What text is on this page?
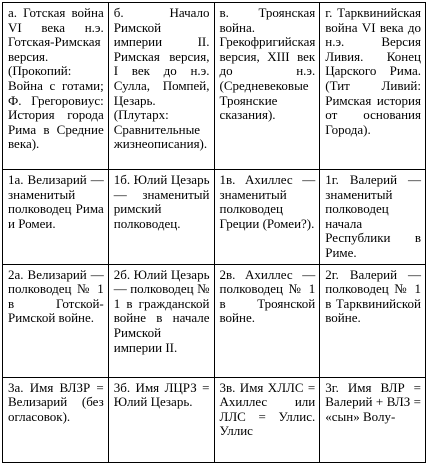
а. Готская война VI века н.э. Готская-Римская версия. (Прокопий: Война с готами; Ф. Грегоровиус: История города Рима в Средние века).	б. Начало Римской империи II. Римская версия, I век до н.э. Сулла, Помпей, Цезарь. (Плутарх: Сравнительные жизнеописания).	в. Троянская война. Грекофригийская версия, XIII век до н.э. (Средневековые Троянские сказания).	г. Тарквинийская война VI века до н.э. Версия Ливия. Конец Царского Рима. (Тит Ливий: Римская история от основания Города).

1а. Велизарий — знаменитый полководец Рима и Ромеи.	1б. Юлий Цезарь — знаменитый римский полководец.	1в. Ахиллес — знаменитый полководец Греции (Ромеи?).	1г. Валерий — знаменитый полководец начала Республики в Риме.

2а. Велизарий — полководец № 1 в Готской-Римской войне.	2б. Юлий Цезарь — полководец № 1 в гражданской войне в начале Римской империи II.	2в. Ахиллес — полководец № 1 в Троянской войне.	2г. Валерий — полководец № 1 в Тарквинийской войне.

3а. Имя ВЛЗР = Велизарий (без огласовок).	3б. Имя ЛЦРЗ = Юлий Цезарь.	3в. Имя ХЛЛС = Ахиллес или ЛЛС = Уллис. Уллис	3г. Имя ВЛР = Валерий + ВЛЗ = «сын» Волу-
